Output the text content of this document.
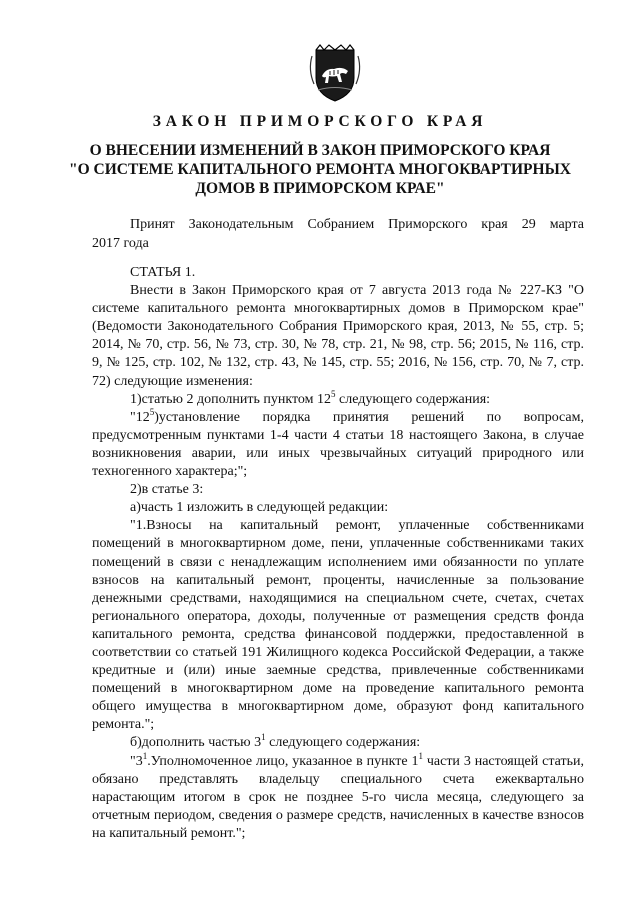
ЗАКОН ПРИМОРСКОГО КРАЯ
О ВНЕСЕНИИ ИЗМЕНЕНИЙ В ЗАКОН ПРИМОРСКОГО КРАЯ
"О СИСТЕМЕ КАПИТАЛЬНОГО РЕМОНТА МНОГОКВАРТИРНЫХ
ДОМОВ В ПРИМОРСКОМ КРАЕ"
Принят Законодательным Собранием Приморского края 29 марта
2017 года

СТАТЬЯ 1.

Внести в Закон Приморского края от 7 августа 2013 года № 227-КЗ "О системе капитального ремонта многоквартирных домов в Приморском крае" (Ведомости Законодательного Собрания Приморского края, 2013, № 55, стр. 5; 2014, № 70, стр. 56, № 73, стр. 30, № 78, стр. 21, № 98, стр. 56; 2015, № 116, стр. 9, № 125, стр. 102, № 132, стр. 43, № 145, стр. 55; 2016, № 156, стр. 70, № 7, стр. 72) следующие изменения:

1)статью 2 дополнить пунктом $12^5$ следующего содержания:

"$12^5)установление$ порядка принятия решений по вопросам, предусмотренным пунктами 1-4 части 4 статьи 18 настоящего Закона, в случае возникновения аварии, или иных чрезвычайных ситуаций природного или техногенного характера;";

2)в статье 3:

а)часть 1 изложить в следующей редакции:

"1.Взносы на капитальный ремонт, уплаченные собственниками помещений в многоквартирном доме, пени, уплаченные собственниками таких помещений в связи с ненадлежащим исполнением ими обязанности по уплате взносов на капитальный ремонт, проценты, начисленные за пользование денежными средствами, находящимися на специальном счете, счетах, счетах регионального оператора, доходы, полученные от размещения средств фонда капитального ремонта, средства финансовой поддержки, предоставленной в соответствии со статьей 191 Жилищного кодекса Российской Федерации, а также кредитные и (или) иные заемные средства, привлеченные собственниками помещений в многоквартирном доме на проведение капитального ремонта общего имущества в многоквартирном доме, образуют фонд капитального ремонта.";

б)дополнить частью $3^1$ следующего содержания:

"$3^1.Уполномоченное$ лицо, указанное в пункте $1^1$ части 3 настоящей статьи, обязано представлять владельцу специального счета ежеквартально нарастающим итогом в срок не позднее 5-го числа месяца, следующего за отчетным периодом, сведения о размере средств, начисленных в качестве взносов на капитальный ремонт.";
